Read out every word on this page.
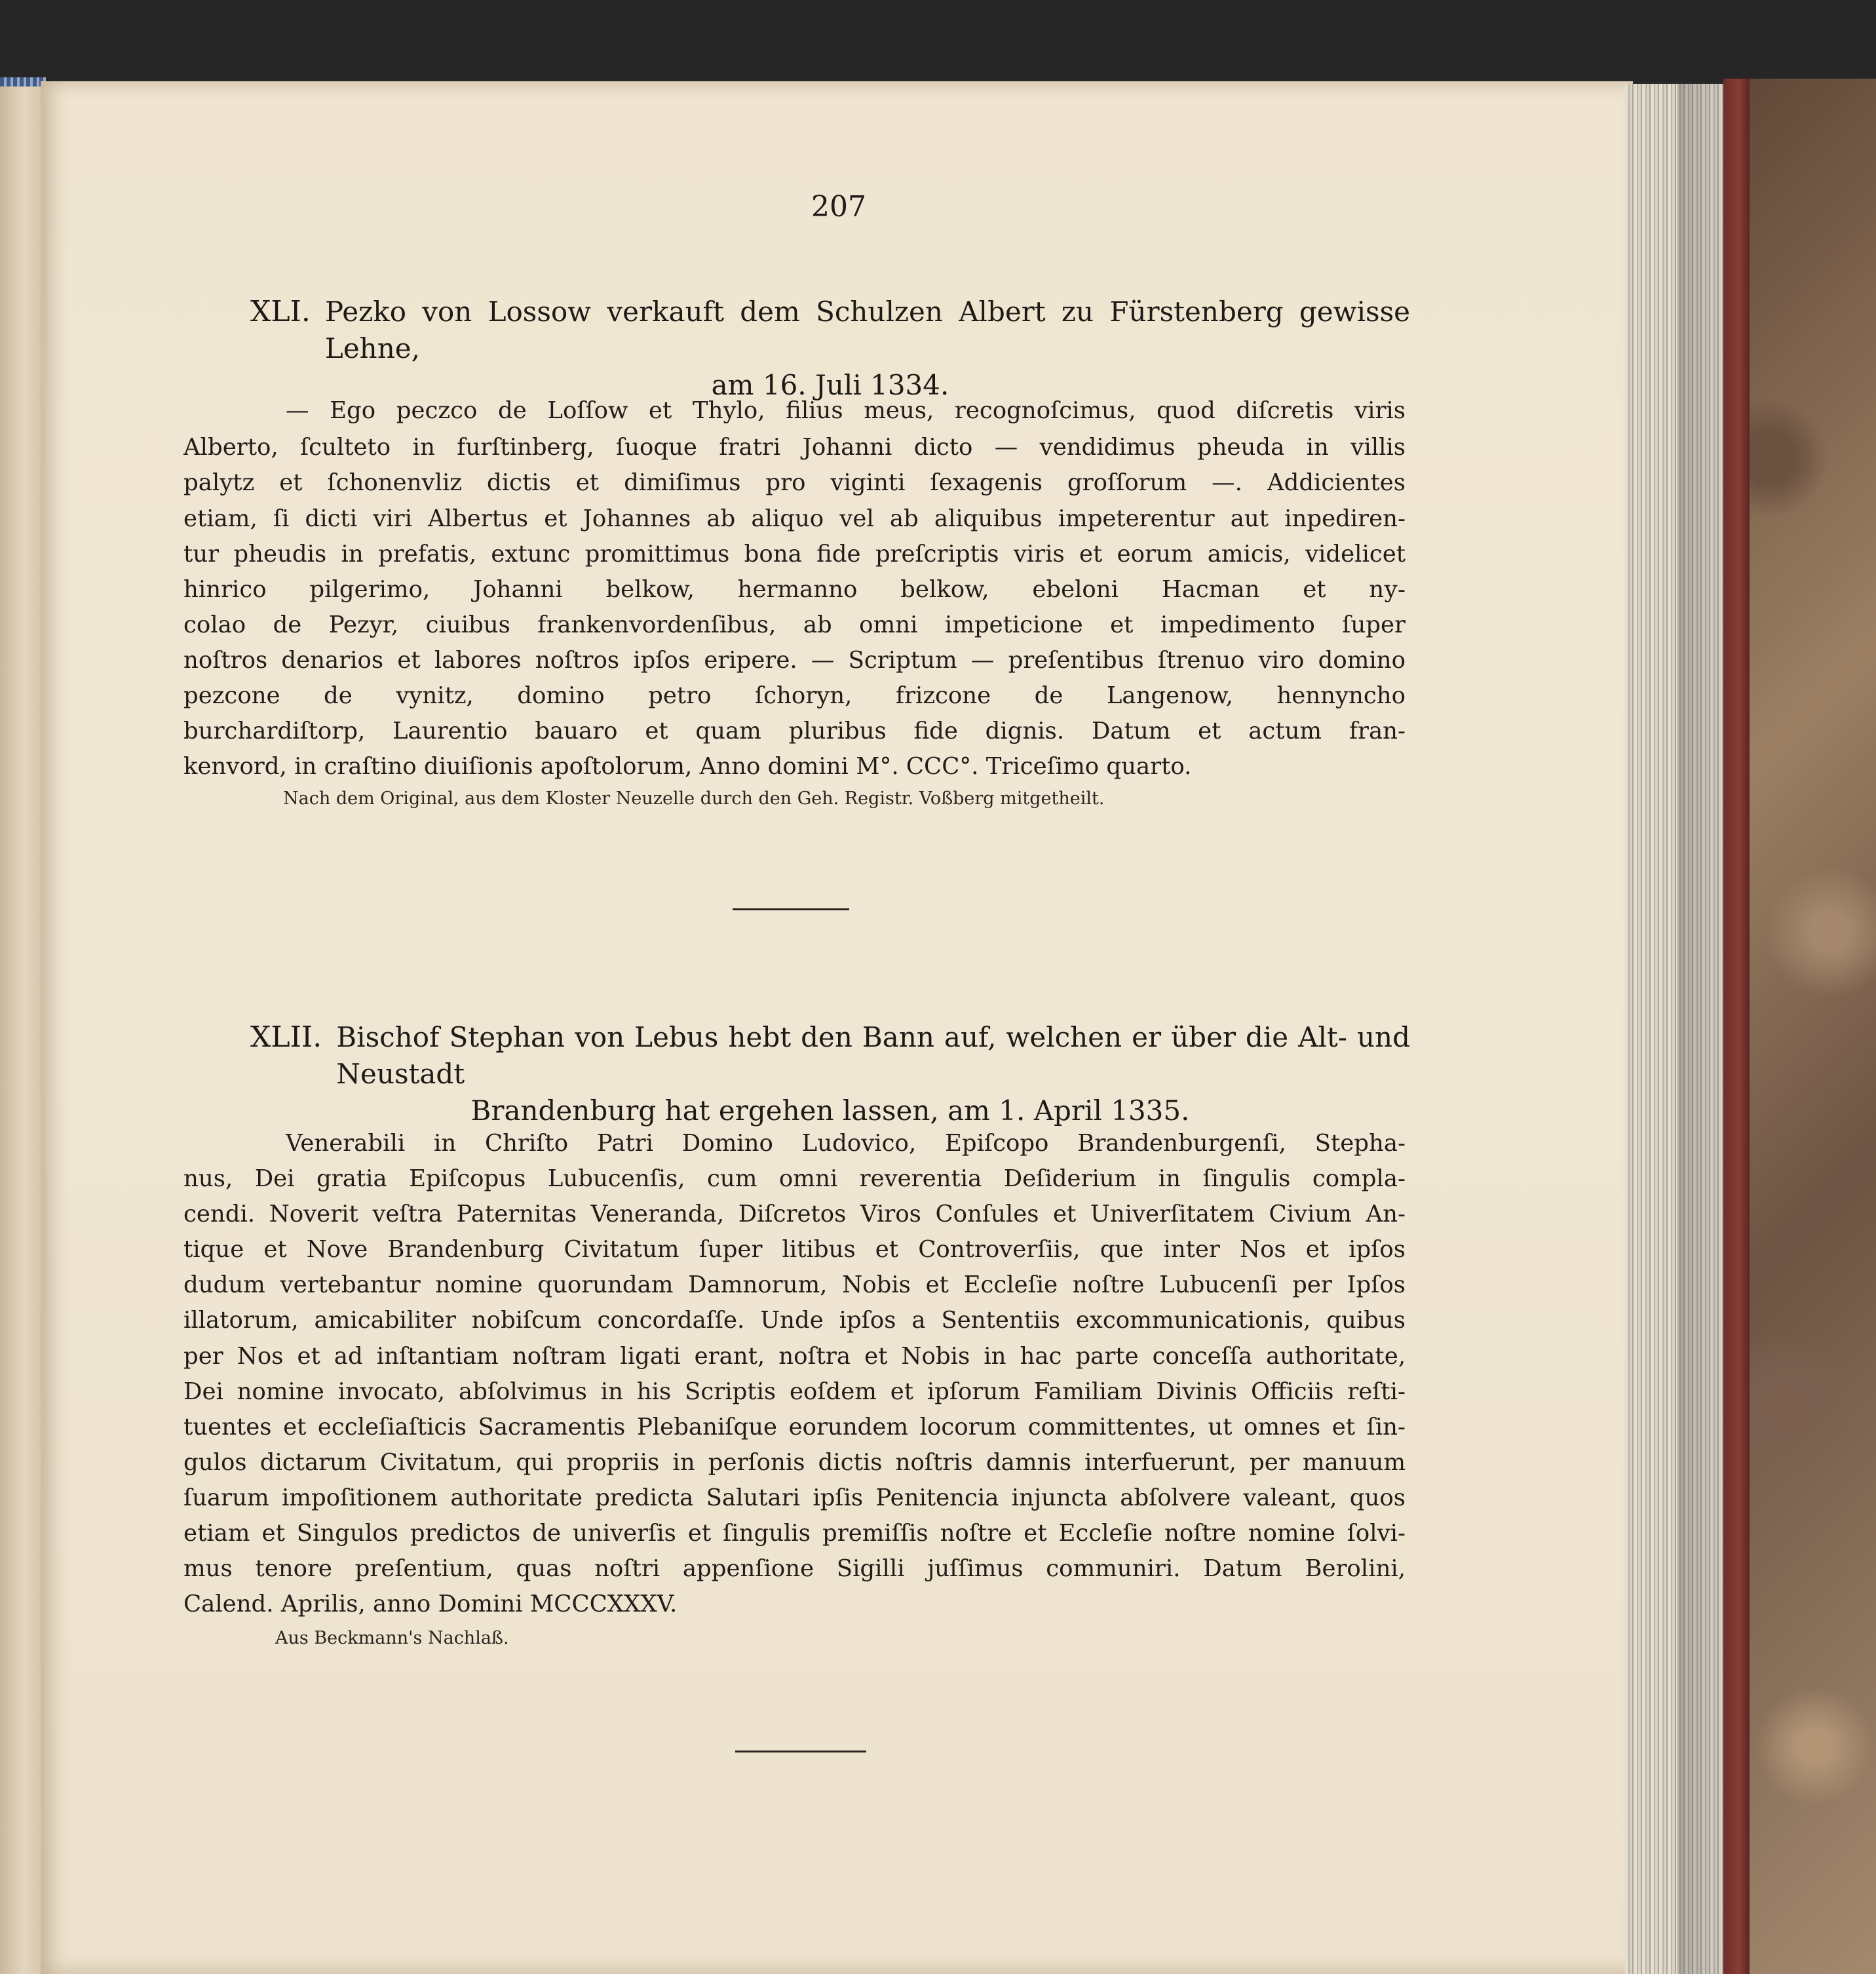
207
XLI. Pezko von Lossow verkauft dem Schulzen Albert zu Fürstenberg gewisse Lehne,
am 16. Juli 1334.
— Ego peczco de Loſſow et Thylo, filius meus, recognoſcimus, quod diſcretis viris
Alberto, ſculteto in furſtinberg, ſuoque fratri Johanni dicto — vendidimus pheuda in villis
palytz et ſchonenvliz dictis et dimiſimus pro viginti ſexagenis groſſorum —. Addicientes
etiam, ſi dicti viri Albertus et Johannes ab aliquo vel ab aliquibus impeterentur aut inpediren-
tur pheudis in prefatis, extunc promittimus bona fide preſcriptis viris et eorum amicis, videlicet
hinrico pilgerimo, Johanni belkow, hermanno belkow, ebeloni Hacman et nу-
colao de Pezyr, ciuibus frankenvordenſibus, ab omni impeticione et impedimento ſuper
noſtros denarios et labores noſtros ipſos eripere. — Scriptum — preſentibus ſtrenuo viro domino
pezcone de vynitz, domino petro ſchoryn, frizcone de Langenow, hennyncho
burchardiſtorp, Laurentio bauaro et quam pluribus fide dignis. Datum et actum fran-
kenvord, in craſtino diuiſionis apoſtolorum, Anno domini M°. CCC°. Triceſimo quarto.
Nach dem Original, aus dem Kloster Neuzelle durch den Geh. Registr. Voßberg mitgetheilt.
XLII. Bischof Stephan von Lebus hebt den Bann auf, welchen er über die Alt- und Neustadt
Brandenburg hat ergehen lassen, am 1. April 1335.
Venerabili in Chriſto Patri Domino Ludovico, Epiſcopo Brandenburgenſi, Stepha-
nus, Dei gratia Epiſcopus Lubucenſis, cum omni reverentia Deſiderium in ſingulis compla-
cendi. Noverit veſtra Paternitas Veneranda, Diſcretos Viros Conſules et Univerſitatem Civium An-
tique et Nove Brandenburg Civitatum ſuper litibus et Controverſiis, que inter Nos et ipſos
dudum vertebantur nomine quorundam Damnorum, Nobis et Eccleſie noſtre Lubucenſi per Ipſos
illatorum, amicabiliter nobiſcum concordaſſe. Unde ipſos a Sententiis excommunicationis, quibus
per Nos et ad inſtantiam noſtram ligati erant, noſtra et Nobis in hac parte conceſſa authoritate,
Dei nomine invocato, abſolvimus in his Scriptis eoſdem et ipſorum Familiam Divinis Officiis reſti-
tuentes et eccleſiaſticis Sacramentis Plebaniſque eorundem locorum committentes, ut omnes et ſin-
gulos dictarum Civitatum, qui propriis in perſonis dictis noſtris damnis interfuerunt, per manuum
ſuarum impoſitionem authoritate predicta Salutari ipſis Penitencia injuncta abſolvere valeant, quos
etiam et Singulos predictos de univerſis et ſingulis premiſſis noſtre et Eccleſie noſtre nomine ſolvi-
mus tenore preſentium, quas noſtri appenſione Sigilli juſſimus communiri. Datum Berolini,
Calend. Aprilis, anno Domini MCCCXXXV.
Aus Beckmann's Nachlaß.
